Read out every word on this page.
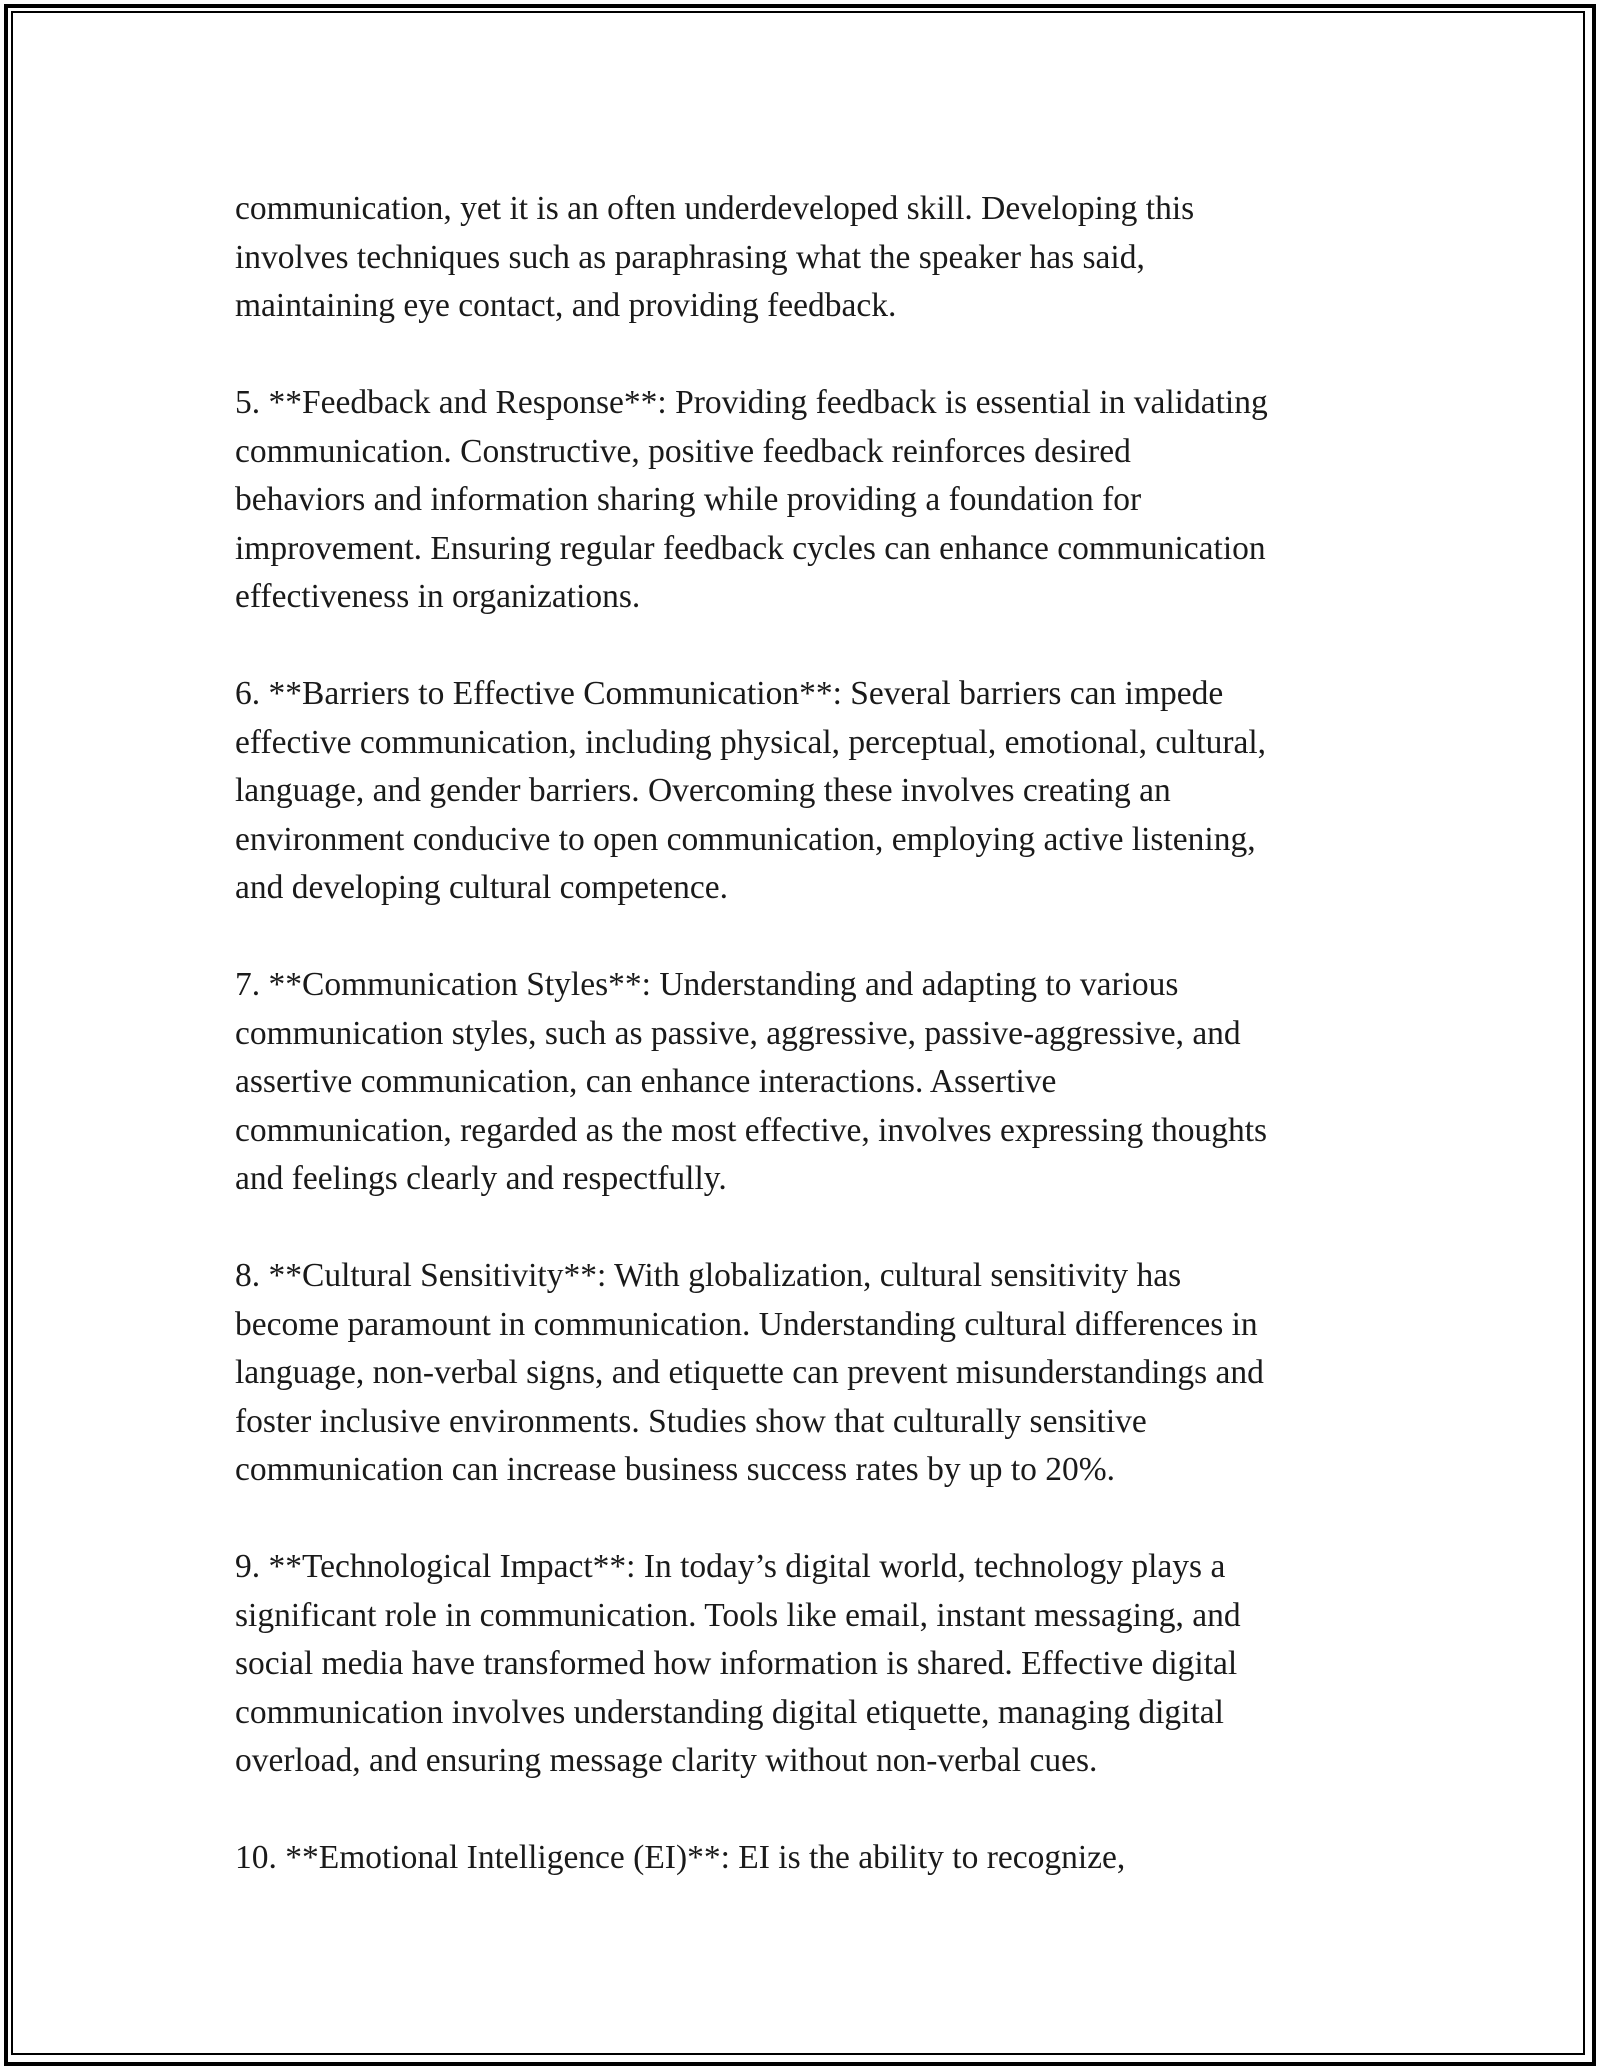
communication, yet it is an often underdeveloped skill. Developing this
involves techniques such as paraphrasing what the speaker has said,
maintaining eye contact, and providing feedback.

5. **Feedback and Response**: Providing feedback is essential in validating
communication. Constructive, positive feedback reinforces desired
behaviors and information sharing while providing a foundation for
improvement. Ensuring regular feedback cycles can enhance communication
effectiveness in organizations.

6. **Barriers to Effective Communication**: Several barriers can impede
effective communication, including physical, perceptual, emotional, cultural,
language, and gender barriers. Overcoming these involves creating an
environment conducive to open communication, employing active listening,
and developing cultural competence.

7. **Communication Styles**: Understanding and adapting to various
communication styles, such as passive, aggressive, passive-aggressive, and
assertive communication, can enhance interactions. Assertive
communication, regarded as the most effective, involves expressing thoughts
and feelings clearly and respectfully.

8. **Cultural Sensitivity**: With globalization, cultural sensitivity has
become paramount in communication. Understanding cultural differences in
language, non-verbal signs, and etiquette can prevent misunderstandings and
foster inclusive environments. Studies show that culturally sensitive
communication can increase business success rates by up to 20%.

9. **Technological Impact**: In today’s digital world, technology plays a
significant role in communication. Tools like email, instant messaging, and
social media have transformed how information is shared. Effective digital
communication involves understanding digital etiquette, managing digital
overload, and ensuring message clarity without non-verbal cues.

10. **Emotional Intelligence (EI)**: EI is the ability to recognize,
